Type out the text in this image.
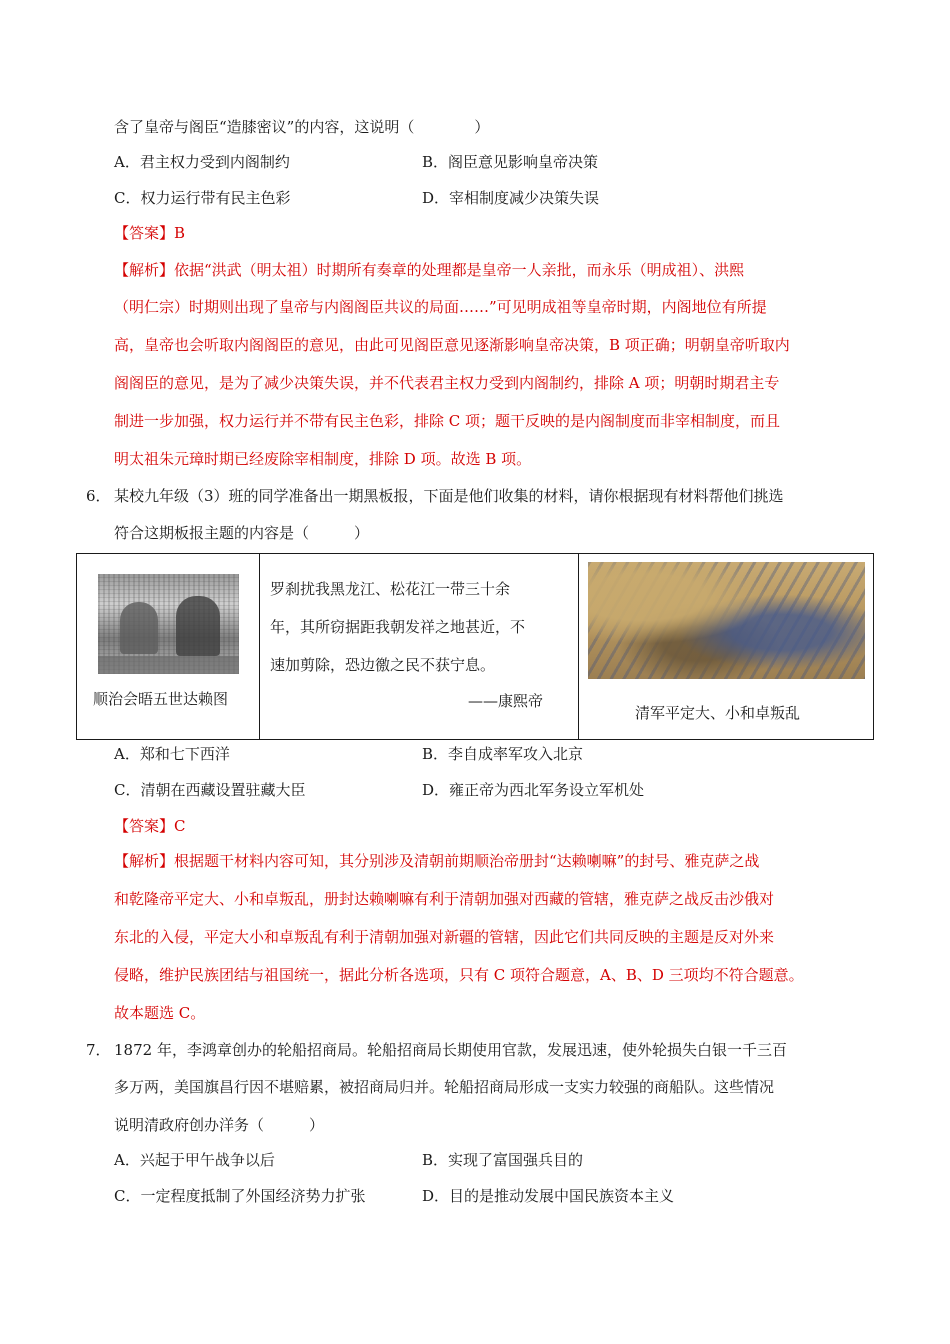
含了皇帝与阁臣“造膝密议”的内容，这说明（　　　　）
A．君主权力受到内阁制约	B．阁臣意见影响皇帝决策
C．权力运行带有民主色彩	D．宰相制度减少决策失误
【答案】B
【解析】依据“洪武（明太祖）时期所有奏章的处理都是皇帝一人亲批，而永乐（明成祖）、洪熙
（明仁宗）时期则出现了皇帝与内阁阁臣共议的局面……”可见明成祖等皇帝时期，内阁地位有所提
高，皇帝也会听取内阁阁臣的意见，由此可见阁臣意见逐渐影响皇帝决策，B 项正确；明朝皇帝听取内
阁阁臣的意见，是为了减少决策失误，并不代表君主权力受到内阁制约，排除 A 项；明朝时期君主专
制进一步加强，权力运行并不带有民主色彩，排除 C 项；题干反映的是内阁制度而非宰相制度，而且
明太祖朱元璋时期已经废除宰相制度，排除 D 项。故选 B 项。
6． 某校九年级（3）班的同学准备出一期黑板报，下面是他们收集的材料，请你根据现有材料帮他们挑选
符合这期板报主题的内容是（　　　）
顺治会晤五世达赖图
罗刹扰我黑龙江、松花江一带三十余
年，其所窃据距我朝发祥之地甚近，不
速加剪除，恐边徼之民不获宁息。
——康熙帝
清军平定大、小和卓叛乱
A．郑和七下西洋	B．李自成率军攻入北京
C．清朝在西藏设置驻藏大臣	D．雍正帝为西北军务设立军机处
【答案】C
【解析】根据题干材料内容可知，其分别涉及清朝前期顺治帝册封“达赖喇嘛”的封号、雅克萨之战
和乾隆帝平定大、小和卓叛乱，册封达赖喇嘛有利于清朝加强对西藏的管辖，雅克萨之战反击沙俄对
东北的入侵，平定大小和卓叛乱有利于清朝加强对新疆的管辖，因此它们共同反映的主题是反对外来
侵略，维护民族团结与祖国统一，据此分析各选项，只有 C 项符合题意，A、B、D 三项均不符合题意。
故本题选 C。
7． 1872 年，李鸿章创办的轮船招商局。轮船招商局长期使用官款，发展迅速，使外轮损失白银一千三百
多万两，美国旗昌行因不堪赔累，被招商局归并。轮船招商局形成一支实力较强的商船队。这些情况
说明清政府创办洋务（　　　）
A．兴起于甲午战争以后	B．实现了富国强兵目的
C．一定程度抵制了外国经济势力扩张	D．目的是推动发展中国民族资本主义
